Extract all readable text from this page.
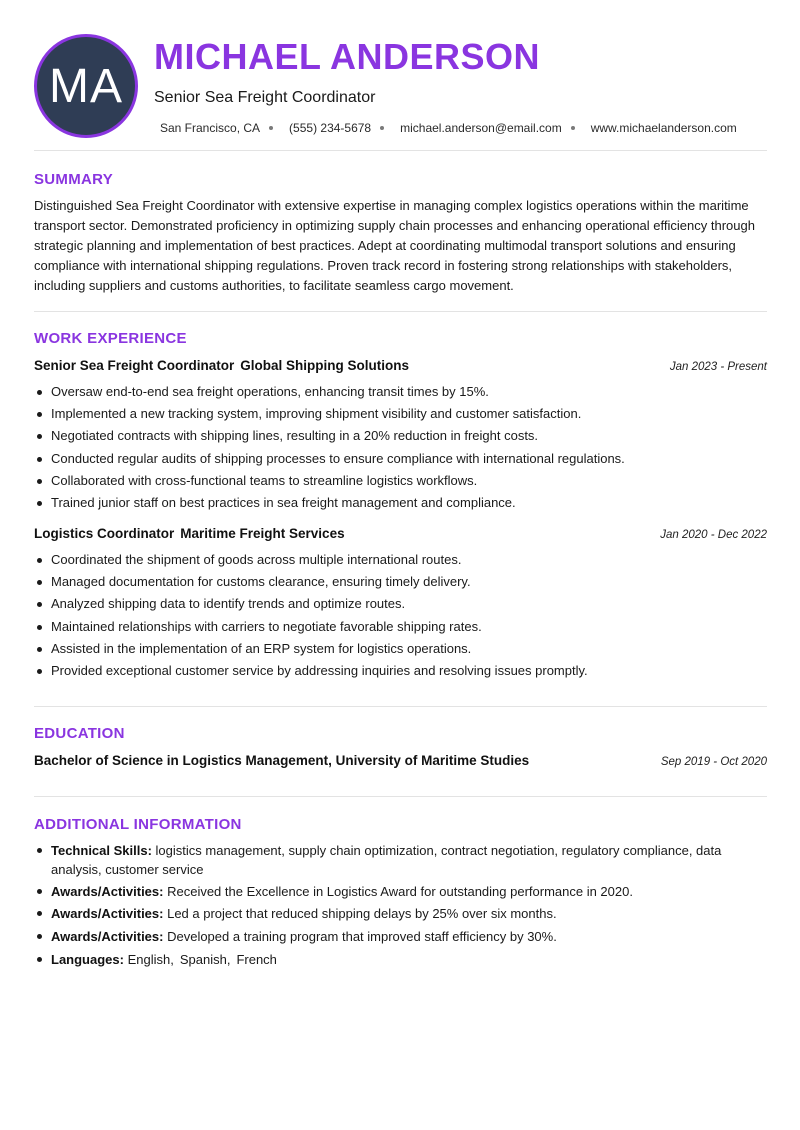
MA
MICHAEL ANDERSON
Senior Sea Freight Coordinator
San Francisco, CA (555) 234-5678 michael.anderson@email.com www.michaelanderson.com
SUMMARY

Distinguished Sea Freight Coordinator with extensive expertise in managing complex logistics operations within the maritime transport sector. Demonstrated proficiency in optimizing supply chain processes and enhancing operational efficiency through strategic planning and implementation of best practices. Adept at coordinating multimodal transport solutions and ensuring compliance with international shipping regulations. Proven track record in fostering strong relationships with stakeholders, including suppliers and customs authorities, to facilitate seamless cargo movement.

WORK EXPERIENCE
Senior Sea Freight Coordinator Global Shipping Solutions	Jan 2023 - Present
Oversaw end-to-end sea freight operations, enhancing transit times by 15%.
Implemented a new tracking system, improving shipment visibility and customer satisfaction.
Negotiated contracts with shipping lines, resulting in a 20% reduction in freight costs.
Conducted regular audits of shipping processes to ensure compliance with international regulations.
Collaborated with cross-functional teams to streamline logistics workflows.
Trained junior staff on best practices in sea freight management and compliance.
Logistics Coordinator Maritime Freight Services	Jan 2020 - Dec 2022
Coordinated the shipment of goods across multiple international routes.
Managed documentation for customs clearance, ensuring timely delivery.
Analyzed shipping data to identify trends and optimize routes.
Maintained relationships with carriers to negotiate favorable shipping rates.
Assisted in the implementation of an ERP system for logistics operations.
Provided exceptional customer service by addressing inquiries and resolving issues promptly.
EDUCATION
Bachelor of Science in Logistics Management, University of Maritime Studies	Sep 2019 - Oct 2020
ADDITIONAL INFORMATION
Technical Skills: logistics management, supply chain optimization, contract negotiation, regulatory compliance, data analysis, customer service
Awards/Activities: Received the Excellence in Logistics Award for outstanding performance in 2020.
Awards/Activities: Led a project that reduced shipping delays by 25% over six months.
Awards/Activities: Developed a training program that improved staff efficiency by 30%.
Languages: English, Spanish, French
